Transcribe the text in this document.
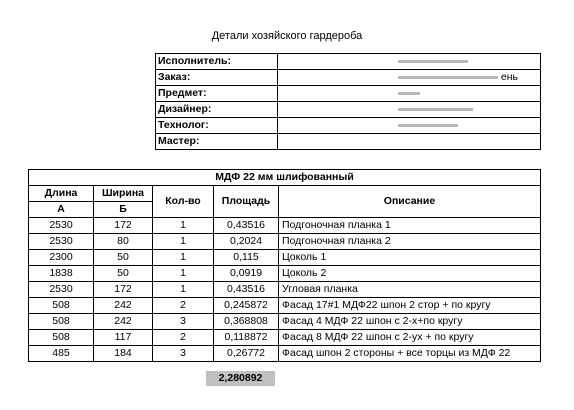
Детали хозяйского гардероба
Исполнитель:	
Заказ:	ень
Предмет:	
Дизайнер:	
Технолог:	
Мастер:	
МДФ 22 мм шлифованный				
Длина	Ширина	Кол-во	Площадь	Описание
А	Б			
2530	172	1	0,43516	Подгоночная планка 1
2530	80	1	0,2024	Подгоночная планка 2
2300	50	1	0,115	Цоколь 1
1838	50	1	0,0919	Цоколь 2
2530	172	1	0,43516	Угловая планка
508	242	2	0,245872	Фасад 17#1 МДФ22 шпон 2 стор + по кругу
508	242	3	0,368808	Фасад 4 МДФ 22 шпон с 2-х+по кругу
508	117	2	0,118872	Фасад 8 МДФ 22 шпон с 2-ух + по кругу
485	184	3	0,26772	Фасад шпон 2 стороны + все торцы из МДФ 22
2,280892
